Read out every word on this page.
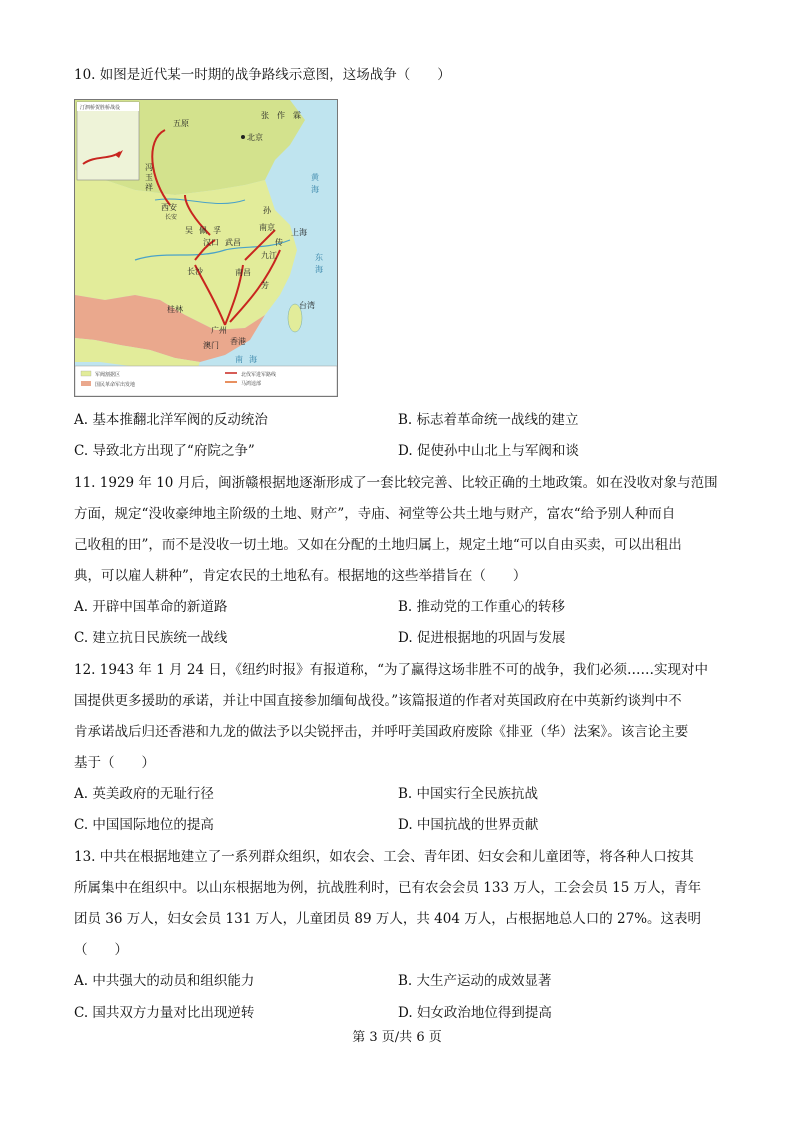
10. 如图是近代某一时期的战争路线示意图，这场战争（　　）
汀泗桥贺胜桥战役
五原
北京
西安
长安
南京
上海
汉口 武昌
九江
长沙	南昌
桂林
广州
香港
澳门
台湾
张 作 霖
吴 佩 孚
孙
传
芳
冯
玉
祥
黄
海
东
海
南 海
军阀割据区	北伐军进军路线
马鸿逵部
国民革命军出发地
A. 基本推翻北洋军阀的反动统治	B. 标志着革命统一战线的建立
C. 导致北方出现了“府院之争”	D. 促使孙中山北上与军阀和谈
11. 1929 年 10 月后，闽浙赣根据地逐渐形成了一套比较完善、比较正确的土地政策。如在没收对象与范围
方面，规定“没收豪绅地主阶级的土地、财产”，寺庙、祠堂等公共土地与财产，富农“给予别人种而自
己收租的田”，而不是没收一切土地。又如在分配的土地归属上，规定土地“可以自由买卖，可以出租出
典，可以雇人耕种”，肯定农民的土地私有。根据地的这些举措旨在（　　）
A. 开辟中国革命的新道路	B. 推动党的工作重心的转移
C. 建立抗日民族统一战线	D. 促进根据地的巩固与发展
12. 1943 年 1 月 24 日，《纽约时报》有报道称，“为了赢得这场非胜不可的战争，我们必须……实现对中
国提供更多援助的承诺，并让中国直接参加缅甸战役。”该篇报道的作者对英国政府在中英新约谈判中不
肯承诺战后归还香港和九龙的做法予以尖锐抨击，并呼吁美国政府废除《排亚（华）法案》。该言论主要
基于（　　）
A. 英美政府的无耻行径	B. 中国实行全民族抗战
C. 中国国际地位的提高	D. 中国抗战的世界贡献
13. 中共在根据地建立了一系列群众组织，如农会、工会、青年团、妇女会和儿童团等，将各种人口按其
所属集中在组织中。以山东根据地为例，抗战胜利时，已有农会会员 133 万人，工会会员 15 万人，青年
团员 36 万人，妇女会员 131 万人，儿童团员 89 万人，共 404 万人，占根据地总人口的 27%。这表明
（　　）
A. 中共强大的动员和组织能力	B. 大生产运动的成效显著
C. 国共双方力量对比出现逆转	D. 妇女政治地位得到提高
第 3 页/共 6 页
